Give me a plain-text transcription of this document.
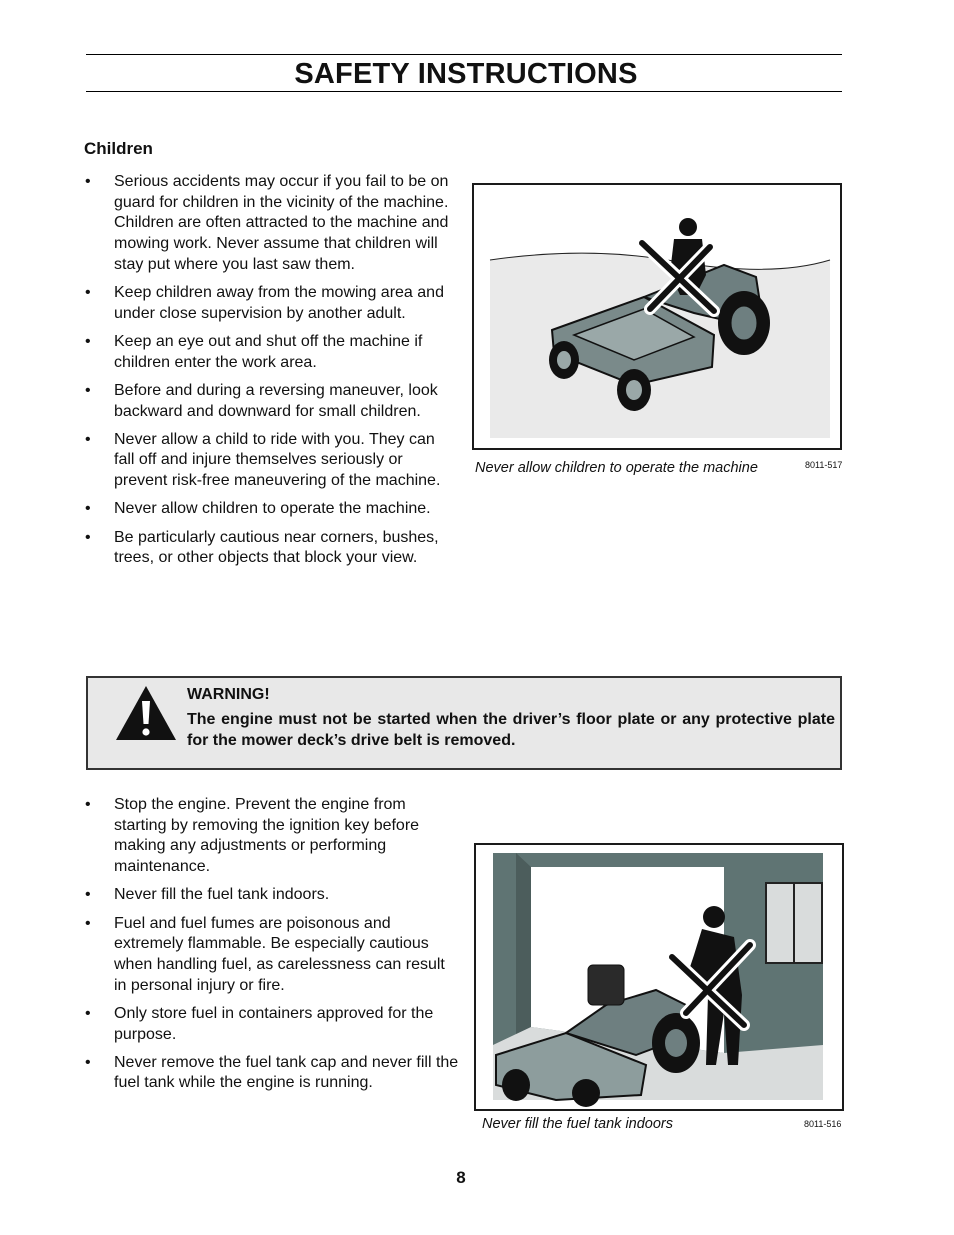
SAFETY INSTRUCTIONS
Children
• Serious accidents may occur if you fail to be on guard for children in the vicinity of the machine. Children are often attracted to the machine and mowing work. Never assume that children will stay put where you last saw them.
• Keep children away from the mowing area and under close supervision by another adult.
• Keep an eye out and shut off the machine if children enter the work area.
• Before and during a reversing maneuver, look backward and downward for small children.
• Never allow a child to ride with you. They can fall off and injure themselves seriously or prevent risk-free maneuvering of the machine.
• Never allow children to operate the machine.
• Be particularly cautious near corners, bushes, trees, or other objects that block your view.
Never allow children to operate the machine	8011-517
WARNING!
The engine must not be started when the driver’s floor plate or any protective plate for the mower deck’s drive belt is removed.
• Stop the engine. Prevent the engine from starting by removing the ignition key before making any adjustments or performing maintenance.
• Never fill the fuel tank indoors.
• Fuel and fuel fumes are poisonous and extremely flammable. Be especially cautious when handling fuel, as carelessness can result in personal injury or fire.
• Only store fuel in containers approved for the purpose.
• Never remove the fuel tank cap and never fill the fuel tank while the engine is running.
Never fill the fuel tank indoors	8011-516
8
